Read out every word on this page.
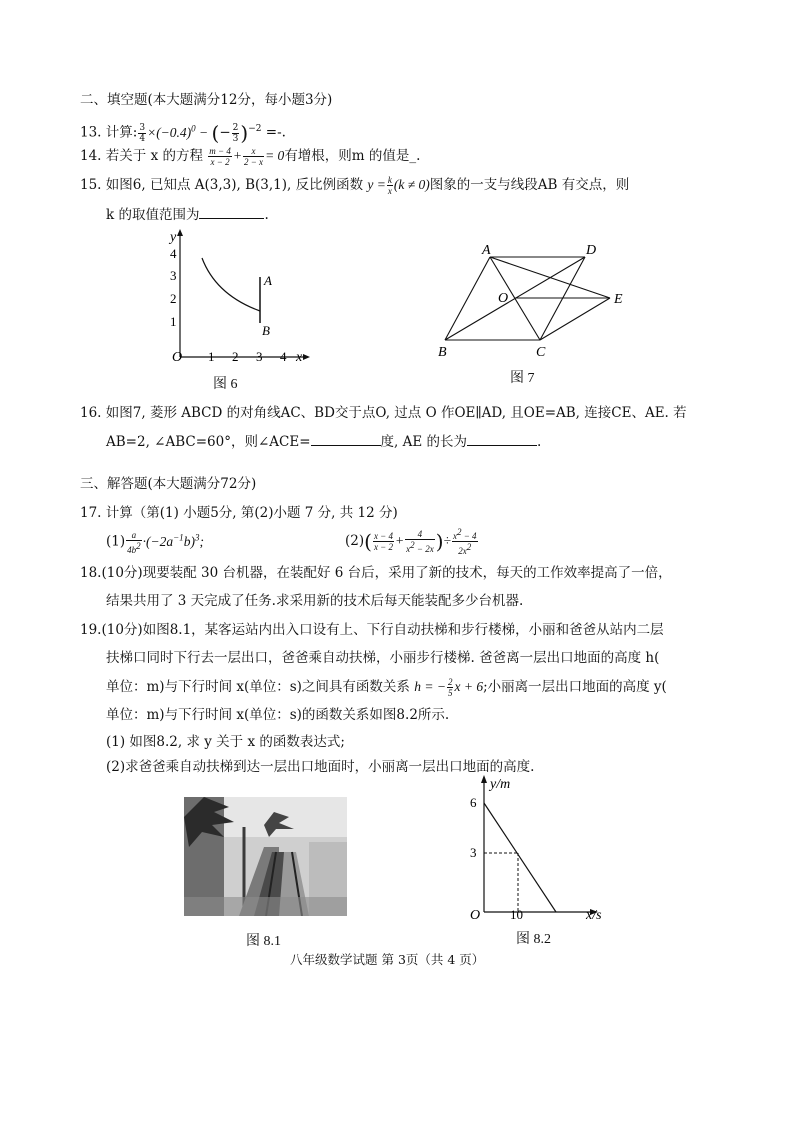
二、填空题(本大题满分12分，每小题3分)
13. 计算: $\frac{3}{4} \times(-0.4)^0$ − (− $\frac{2}{3} )^{-2}$ =-.
14. 若关于 x 的方程 $\frac{m - 4}{x - 2} + \frac{x}{2 - x} = 0$有增根，则m 的值是_.
15. 如图6, 已知点 A(3,3), B(3,1), 反比例函数 $y = \frac{k}{x} (k \ne 0)$图象的一支与线段AB 有交点，则
k 的取值范围为	.
y
x
O
4
3
2
1
1 2 3 4
A
B
图 6
A	D
O	E
B	C
图 7
16. 如图7, 菱形 ABCD 的对角线AC、BD交于点O, 过点 O 作OE∥AD, 且OE=AB, 连接CE、AE. 若
AB=2, ∠ABC=60°，则∠ACE=	度, AE 的长为	.
三、解答题(本大题满分72分)
17. 计算（第(1) 小题5分, 第(2)小题 7 分, 共 12 分)
$(1) \frac{a}{4b^2} \cdot(-2a^{-1}b)^3$;	$(2)( \frac{x - 4}{x - 2} + \frac{4}{x^2 - 2x}$ )÷ $\frac{x^2 - 4}{2x^2}$
18.(10分)现要装配 30 台机器，在装配好 6 台后，采用了新的技术，每天的工作效率提高了一倍，
结果共用了 3 天完成了任务.求采用新的技术后每天能装配多少台机器.
19.(10分)如图8.1，某客运站内出入口设有上、下行自动扶梯和步行楼梯，小丽和爸爸从站内二层
扶梯口同时下行去一层出口，爸爸乘自动扶梯，小丽步行楼梯. 爸爸离一层出口地面的高度 h(
单位：m)与下行时间 x(单位：s)之间具有函数关系 h = − $\frac{2}{5}$ x + 6;小丽离一层出口地面的高度 y(
单位：m)与下行时间 x(单位：s)的函数关系如图8.2所示.
(1) 如图8.2, 求 y 关于 x 的函数表达式;
(2)求爸爸乘自动扶梯到达一层出口地面时，小丽离一层出口地面的高度.
图 8.1
y/m
x/s
O
6
3
10
图 8.2
八年级数学试题 第 3页（共 4 页）
